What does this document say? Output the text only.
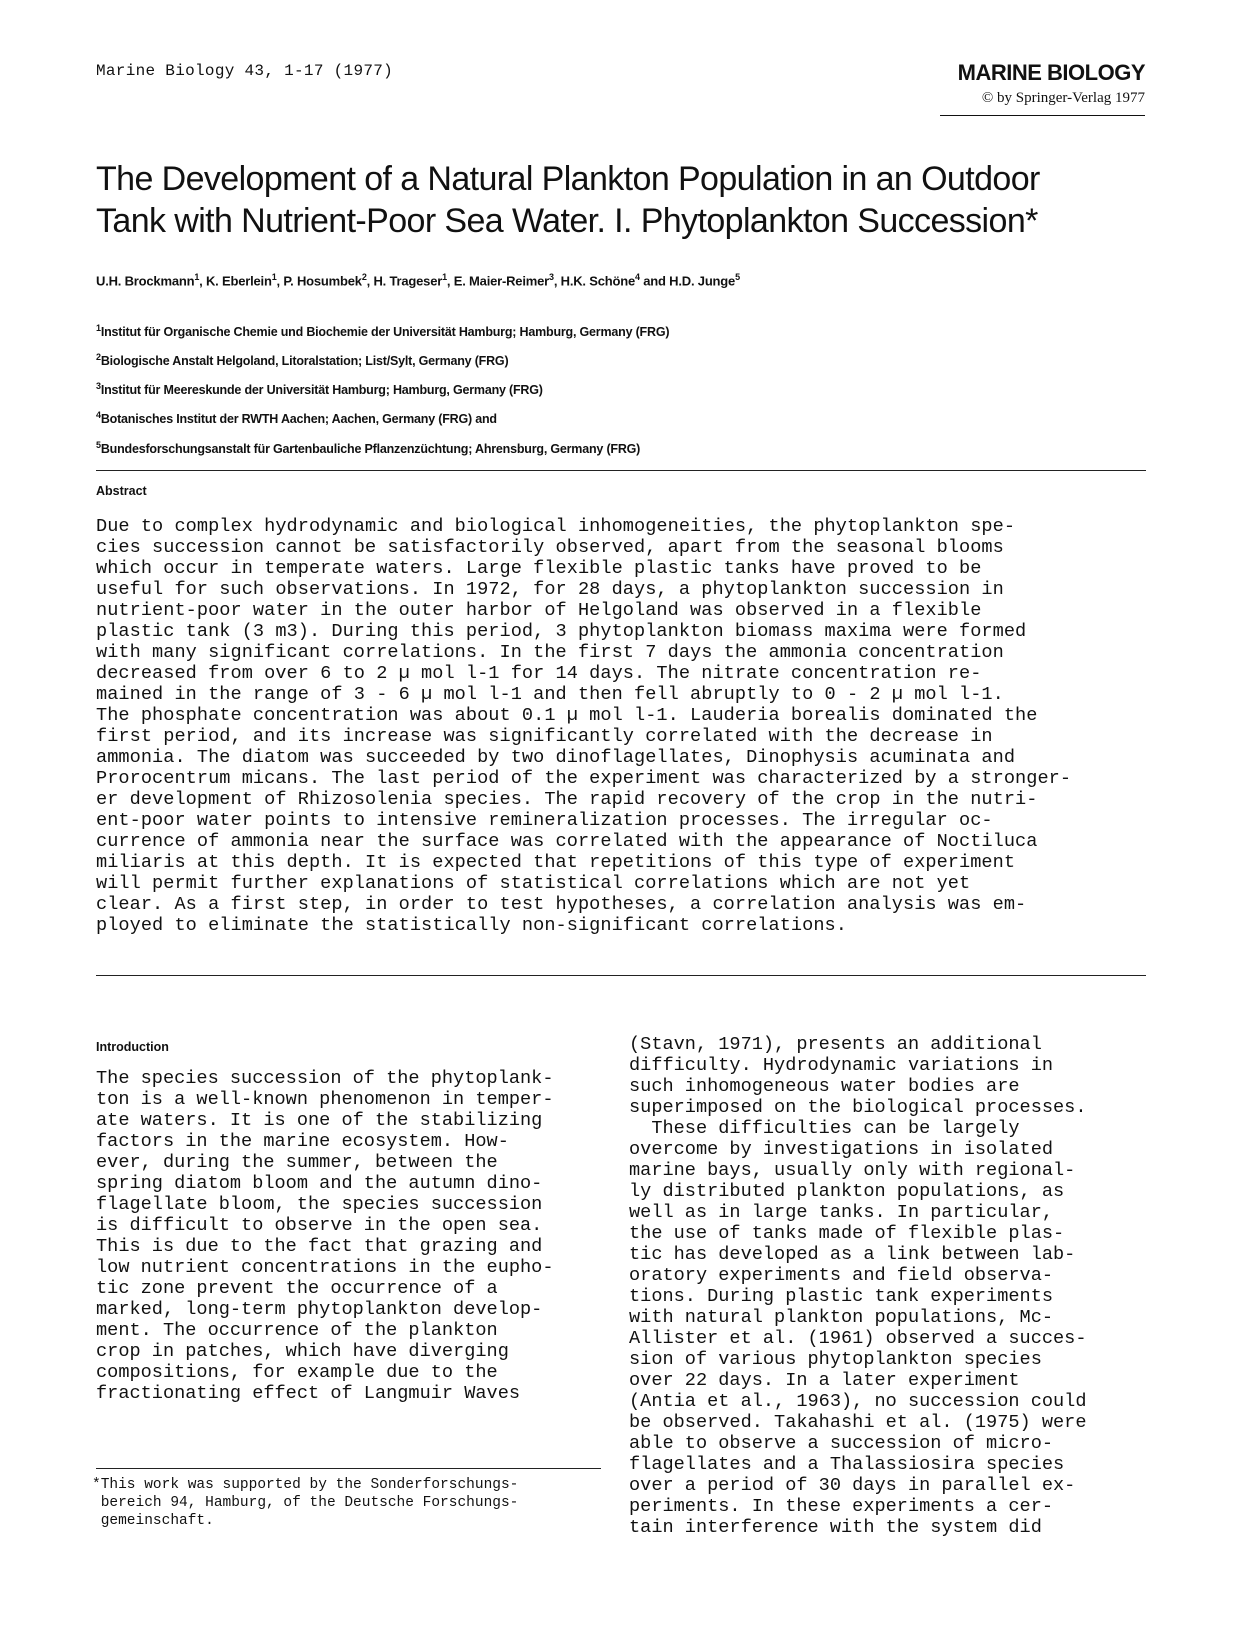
Marine Biology 43, 1-17 (1977)	MARINE BIOLOGY
© by Springer-Verlag 1977
The Development of a Natural Plankton Population in an Outdoor
Tank with Nutrient-Poor Sea Water. I. Phytoplankton Succession*
U.H. Brockmann$^1$, K. Eberlein$^1$, P. Hosumbek$^2$, H. Trageser$^1$, E. Maier-Reimer$^3$, H.K. Schöne$^4$ and H.D. Junge$^5$
$^1$Institut für Organische Chemie und Biochemie der Universität Hamburg; Hamburg, Germany (FRG)
$^2$Biologische Anstalt Helgoland, Litoralstation; List/Sylt, Germany (FRG)
$^3$Institut für Meereskunde der Universität Hamburg; Hamburg, Germany (FRG)
$^4$Botanisches Institut der RWTH Aachen; Aachen, Germany (FRG) and
$^5$Bundesforschungsanstalt für Gartenbauliche Pflanzenzüchtung; Ahrensburg, Germany (FRG)
Abstract
Due to complex hydrodynamic and biological inhomogeneities, the phytoplankton spe-
cies succession cannot be satisfactorily observed, apart from the seasonal blooms
which occur in temperate waters. Large flexible plastic tanks have proved to be
useful for such observations. In 1972, for 28 days, a phytoplankton succession in
nutrient-poor water in the outer harbor of Helgoland was observed in a flexible
plastic tank (3 m3). During this period, 3 phytoplankton biomass maxima were formed
with many significant correlations. In the first 7 days the ammonia concentration
decreased from over 6 to 2 µ mol l-1 for 14 days. The nitrate concentration re-
mained in the range of 3 - 6 µ mol l-1 and then fell abruptly to 0 - 2 µ mol l-1.
The phosphate concentration was about 0.1 µ mol l-1. Lauderia borealis dominated the
first period, and its increase was significantly correlated with the decrease in
ammonia. The diatom was succeeded by two dinoflagellates, Dinophysis acuminata and
Prorocentrum micans. The last period of the experiment was characterized by a stronger-
er development of Rhizosolenia species. The rapid recovery of the crop in the nutri-
ent-poor water points to intensive remineralization processes. The irregular oc-
currence of ammonia near the surface was correlated with the appearance of Noctiluca
miliaris at this depth. It is expected that repetitions of this type of experiment
will permit further explanations of statistical correlations which are not yet
clear. As a first step, in order to test hypotheses, a correlation analysis was em-
ployed to eliminate the statistically non-significant correlations.
Introduction
The species succession of the phytoplank-
ton is a well-known phenomenon in temper-
ate waters. It is one of the stabilizing
factors in the marine ecosystem. How-
ever, during the summer, between the
spring diatom bloom and the autumn dino-
flagellate bloom, the species succession
is difficult to observe in the open sea.
This is due to the fact that grazing and
low nutrient concentrations in the eupho-
tic zone prevent the occurrence of a
marked, long-term phytoplankton develop-
ment. The occurrence of the plankton
crop in patches, which have diverging
compositions, for example due to the
fractionating effect of Langmuir Waves
(Stavn, 1971), presents an additional
difficulty. Hydrodynamic variations in
such inhomogeneous water bodies are
superimposed on the biological processes.
These difficulties can be largely
overcome by investigations in isolated
marine bays, usually only with regional-
ly distributed plankton populations, as
well as in large tanks. In particular,
the use of tanks made of flexible plas-
tic has developed as a link between lab-
oratory experiments and field observa-
tions. During plastic tank experiments
with natural plankton populations, Mc-
Allister et al. (1961) observed a succes-
sion of various phytoplankton species
over 22 days. In a later experiment
(Antia et al., 1963), no succession could
be observed. Takahashi et al. (1975) were
able to observe a succession of micro-
flagellates and a Thalassiosira species
over a period of 30 days in parallel ex-
periments. In these experiments a cer-
tain interference with the system did
*This work was supported by the Sonderforschungs-
bereich 94, Hamburg, of the Deutsche Forschungs-
gemeinschaft.
